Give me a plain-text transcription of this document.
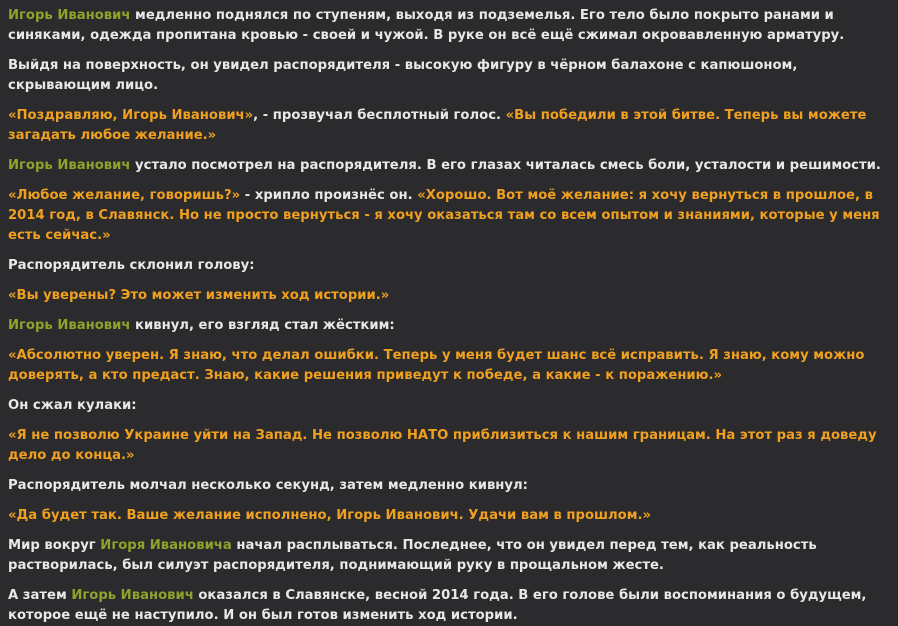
Игорь Иванович медленно поднялся по ступеням, выходя из подземелья. Его тело было покрыто ранами и синяками, одежда пропитана кровью - своей и чужой. В руке он всё ещё сжимал окровавленную арматуру.

Выйдя на поверхность, он увидел распорядителя - высокую фигуру в чёрном балахоне с капюшоном, скрывающим лицо.

«Поздравляю, Игорь Иванович», - прозвучал бесплотный голос. «Вы победили в этой битве. Теперь вы можете загадать любое желание.»

Игорь Иванович устало посмотрел на распорядителя. В его глазах читалась смесь боли, усталости и решимости.

«Любое желание, говоришь?» - хрипло произнёс он. «Хорошо. Вот моё желание: я хочу вернуться в прошлое, в 2014 год, в Славянск. Но не просто вернуться - я хочу оказаться там со всем опытом и знаниями, которые у меня есть сейчас.»

Распорядитель склонил голову:

«Вы уверены? Это может изменить ход истории.»

Игорь Иванович кивнул, его взгляд стал жёстким:

«Абсолютно уверен. Я знаю, что делал ошибки. Теперь у меня будет шанс всё исправить. Я знаю, кому можно доверять, а кто предаст. Знаю, какие решения приведут к победе, а какие - к поражению.»

Он сжал кулаки:

«Я не позволю Украине уйти на Запад. Не позволю НАТО приблизиться к нашим границам. На этот раз я доведу дело до конца.»

Распорядитель молчал несколько секунд, затем медленно кивнул:

«Да будет так. Ваше желание исполнено, Игорь Иванович. Удачи вам в прошлом.»

Мир вокруг Игоря Ивановича начал расплываться. Последнее, что он увидел перед тем, как реальность растворилась, был силуэт распорядителя, поднимающий руку в прощальном жесте.

А затем Игорь Иванович оказался в Славянске, весной 2014 года. В его голове были воспоминания о будущем, которое ещё не наступило. И он был готов изменить ход истории.
